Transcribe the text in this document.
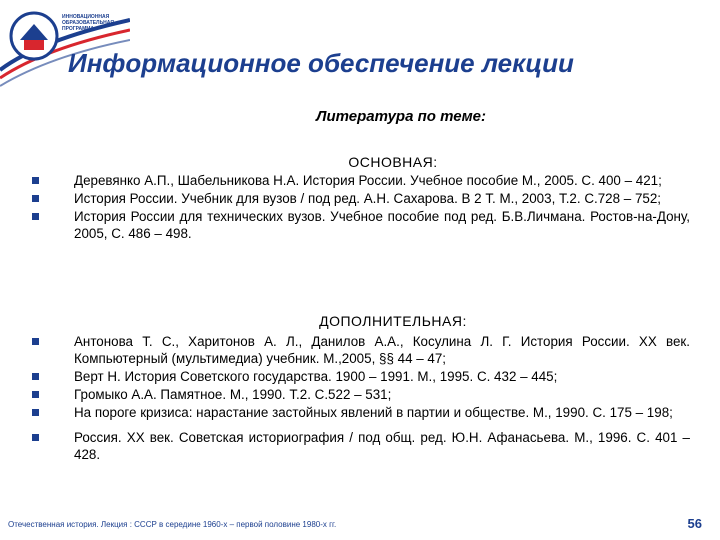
ИННОВАЦИОННАЯ
ОБРАЗОВАТЕЛЬНАЯ
ПРОГРАММА
Информационное обеспечение лекции
Литература по теме:
ОСНОВНАЯ:
Деревянко А.П., Шабельникова Н.А. История России. Учебное пособие М., 2005. С. 400 – 421;
История России. Учебник для вузов / под ред. А.Н. Сахарова. В 2 Т. М., 2003, Т.2. С.728 – 752;
История России для технических вузов. Учебное пособие под ред. Б.В.Личмана. Ростов-на-Дону, 2005, С. 486 – 498.
ДОПОЛНИТЕЛЬНАЯ:
Антонова Т. С., Харитонов А. Л., Данилов А.А., Косулина Л. Г. История России. XX век. Компьютерный (мультимедиа) учебник. М.,2005, §§ 44 – 47;
Верт Н. История Советского государства. 1900 – 1991. М., 1995. С. 432 – 445;
Громыко А.А. Памятное. М., 1990. Т.2. С.522 – 531;
На пороге кризиса: нарастание застойных явлений в партии и обществе. М., 1990. С. 175 – 198;
Россия. XX век. Советская историография / под общ. ред. Ю.Н. Афанасьева. М., 1996. С. 401 – 428.
Отечественная история. Лекция : СССР в середине 1960-х – первой половине 1980-х гг.	56
